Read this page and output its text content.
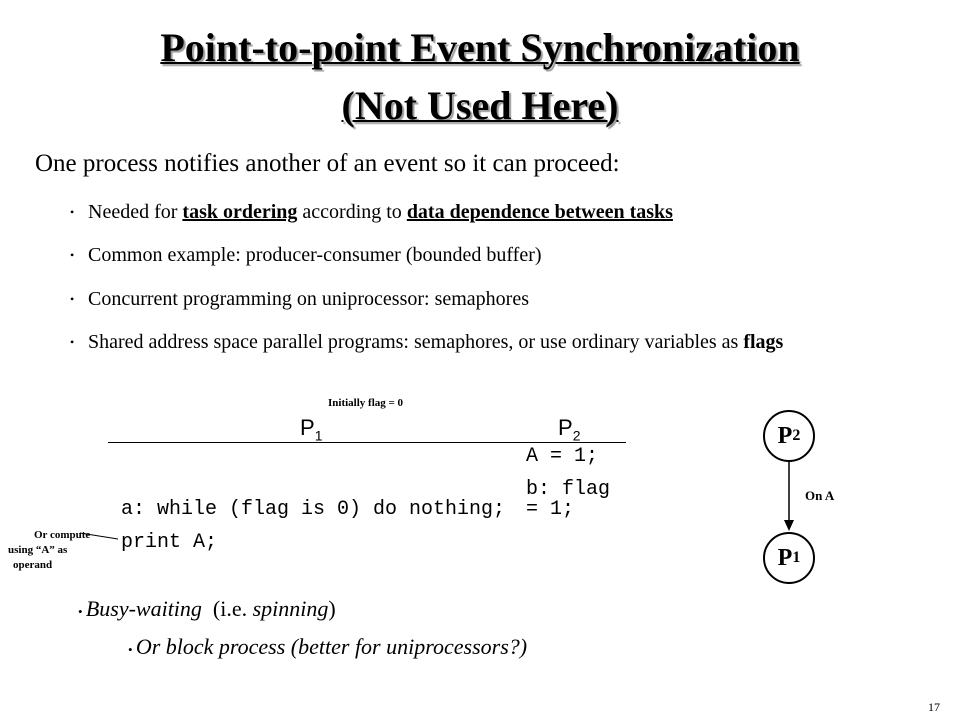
Point-to-point Event Synchronization
(Not Used Here)
One process notifies another of an event so it can proceed:
• Needed for task ordering according to data dependence between tasks
• Common example: producer-consumer (bounded buffer)
• Concurrent programming on uniprocessor: semaphores
• Shared address space parallel programs: semaphores, or use ordinary variables as flags
Initially flag = 0
$P_1$	$P_2$
A = 1;
b: flag
= 1;
a: while (flag is 0) do nothing;
print A;
Or compute
using “A” as
operand
P 2
P 1
On A
• Busy-waiting (i.e. spinning)
• Or block process (better for uniprocessors?)
17
